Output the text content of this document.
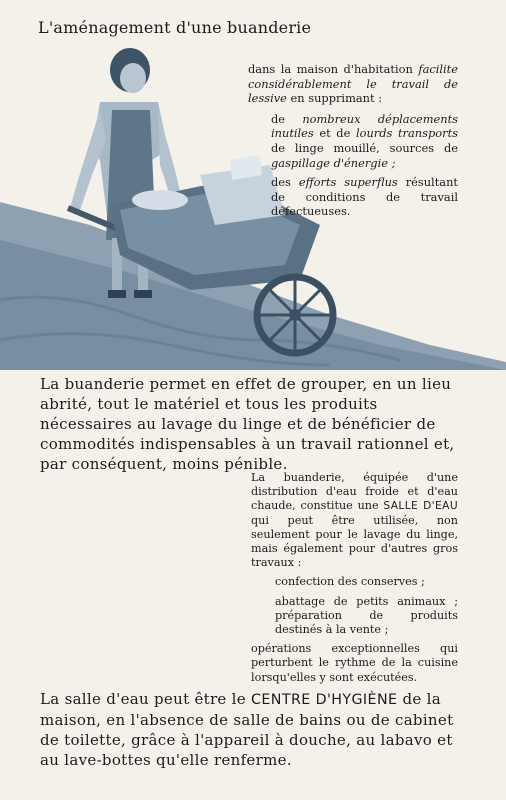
L'aménagement d'une buanderie

dans la maison d'habitation facilite considérablement le travail de lessive en supprimant :

de nombreux déplacements inutiles et de lourds transports de linge mouillé, sources de gaspillage d'énergie ;

des efforts superflus résultant de conditions de travail défectueuses.

La buanderie permet en effet de grouper, en un lieu abrité, tout le matériel et tous les produits nécessaires au lavage du linge et de bénéficier de commodités indispensables à un travail rationnel et, par conséquent, moins pénible.

La buanderie, équipée d'une distribution d'eau froide et d'eau chaude, constitue une SALLE D'EAU qui peut être utilisée, non seulement pour le lavage du linge, mais également pour d'autres gros travaux :

confection des conserves ;

abattage de petits animaux ; préparation de produits destinés à la vente ;

opérations exceptionnelles qui perturbent le rythme de la cuisine lorsqu'elles y sont exécutées.

La salle d'eau peut être le CENTRE D'HYGIÈNE de la maison, en l'absence de salle de bains ou de cabinet de toilette, grâce à l'appareil à douche, au labavo et au lave-bottes qu'elle renferme.
